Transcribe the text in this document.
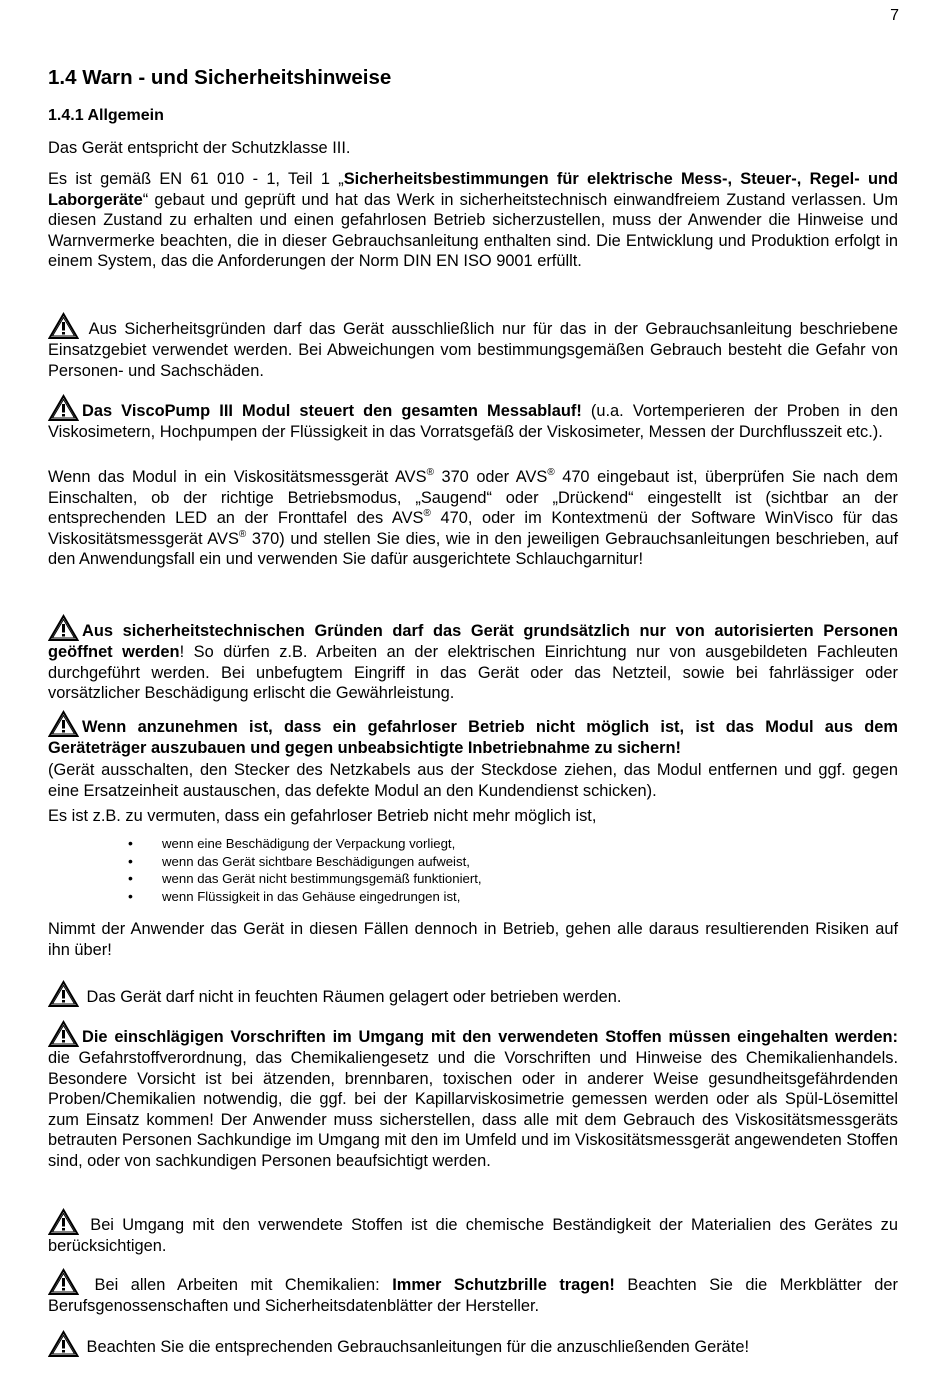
7
1.4 Warn - und Sicherheitshinweise
1.4.1 Allgemein

Das Gerät entspricht der Schutzklasse III.

Es ist gemäß EN 61 010 - 1, Teil 1 „Sicherheitsbestimmungen für elektrische Mess-, Steuer-, Regel- und Laborgeräte“ gebaut und geprüft und hat das Werk in sicherheitstechnisch einwandfreiem Zustand verlassen. Um diesen Zustand zu erhalten und einen gefahrlosen Betrieb sicherzustellen, muss der Anwender die Hinweise und Warnvermerke beachten, die in dieser Gebrauchsanleitung enthalten sind. Die Entwicklung und Produktion erfolgt in einem System, das die Anforderungen der Norm DIN EN ISO 9001 erfüllt.

Aus Sicherheitsgründen darf das Gerät ausschließlich nur für das in der Gebrauchsanleitung beschriebene Einsatzgebiet verwendet werden. Bei Abweichungen vom bestimmungsgemäßen Gebrauch besteht die Gefahr von Personen- und Sachschäden.

Das ViscoPump III Modul steuert den gesamten Messablauf! (u.a. Vortemperieren der Proben in den Viskosimetern, Hochpumpen der Flüssigkeit in das Vorratsgefäß der Viskosimeter, Messen der Durchflusszeit etc.).

Wenn das Modul in ein Viskositätsmessgerät AVS® 370 oder AVS® 470 eingebaut ist, überprüfen Sie nach dem Einschalten, ob der richtige Betriebsmodus, „Saugend“ oder „Drückend“ eingestellt ist (sichtbar an der entsprechenden LED an der Fronttafel des AVS® 470, oder im Kontextmenü der Software WinVisco für das Viskositätsmessgerät AVS® 370) und stellen Sie dies, wie in den jeweiligen Gebrauchsanleitungen beschrieben, auf den Anwendungsfall ein und verwenden Sie dafür ausgerichtete Schlauchgarnitur!

Aus sicherheitstechnischen Gründen darf das Gerät grundsätzlich nur von autorisierten Personen geöffnet werden! So dürfen z.B. Arbeiten an der elektrischen Einrichtung nur von ausgebildeten Fachleuten durchgeführt werden. Bei unbefugtem Eingriff in das Gerät oder das Netzteil, sowie bei fahrlässiger oder vorsätzlicher Beschädigung erlischt die Gewährleistung.

Wenn anzunehmen ist, dass ein gefahrloser Betrieb nicht möglich ist, ist das Modul aus dem Geräteträger auszubauen und gegen unbeabsichtigte Inbetriebnahme zu sichern!

(Gerät ausschalten, den Stecker des Netzkabels aus der Steckdose ziehen, das Modul entfernen und ggf. gegen eine Ersatzeinheit austauschen, das defekte Modul an den Kundendienst schicken).

Es ist z.B. zu vermuten, dass ein gefahrloser Betrieb nicht mehr möglich ist,

• wenn eine Beschädigung der Verpackung vorliegt,
• wenn das Gerät sichtbare Beschädigungen aufweist,
• wenn das Gerät nicht bestimmungsgemäß funktioniert,
• wenn Flüssigkeit in das Gehäuse eingedrungen ist,

Nimmt der Anwender das Gerät in diesen Fällen dennoch in Betrieb, gehen alle daraus resultierenden Risiken auf ihn über!

Das Gerät darf nicht in feuchten Räumen gelagert oder betrieben werden.

Die einschlägigen Vorschriften im Umgang mit den verwendeten Stoffen müssen eingehalten werden: die Gefahrstoffverordnung, das Chemikaliengesetz und die Vorschriften und Hinweise des Chemikalienhandels. Besondere Vorsicht ist bei ätzenden, brennbaren, toxischen oder in anderer Weise gesundheitsgefährdenden Proben/Chemikalien notwendig, die ggf. bei der Kapillarviskosimetrie gemessen werden oder als Spül-Lösemittel zum Einsatz kommen! Der Anwender muss sicherstellen, dass alle mit dem Gebrauch des Viskositätsmessgeräts betrauten Personen Sachkundige im Umgang mit den im Umfeld und im Viskositätsmessgerät angewendeten Stoffen sind, oder von sachkundigen Personen beaufsichtigt werden.

Bei Umgang mit den verwendete Stoffen ist die chemische Beständigkeit der Materialien des Gerätes zu berücksichtigen.

Bei allen Arbeiten mit Chemikalien: Immer Schutzbrille tragen! Beachten Sie die Merkblätter der Berufsgenossenschaften und Sicherheitsdatenblätter der Hersteller.

Beachten Sie die entsprechenden Gebrauchsanleitungen für die anzuschließenden Geräte!
